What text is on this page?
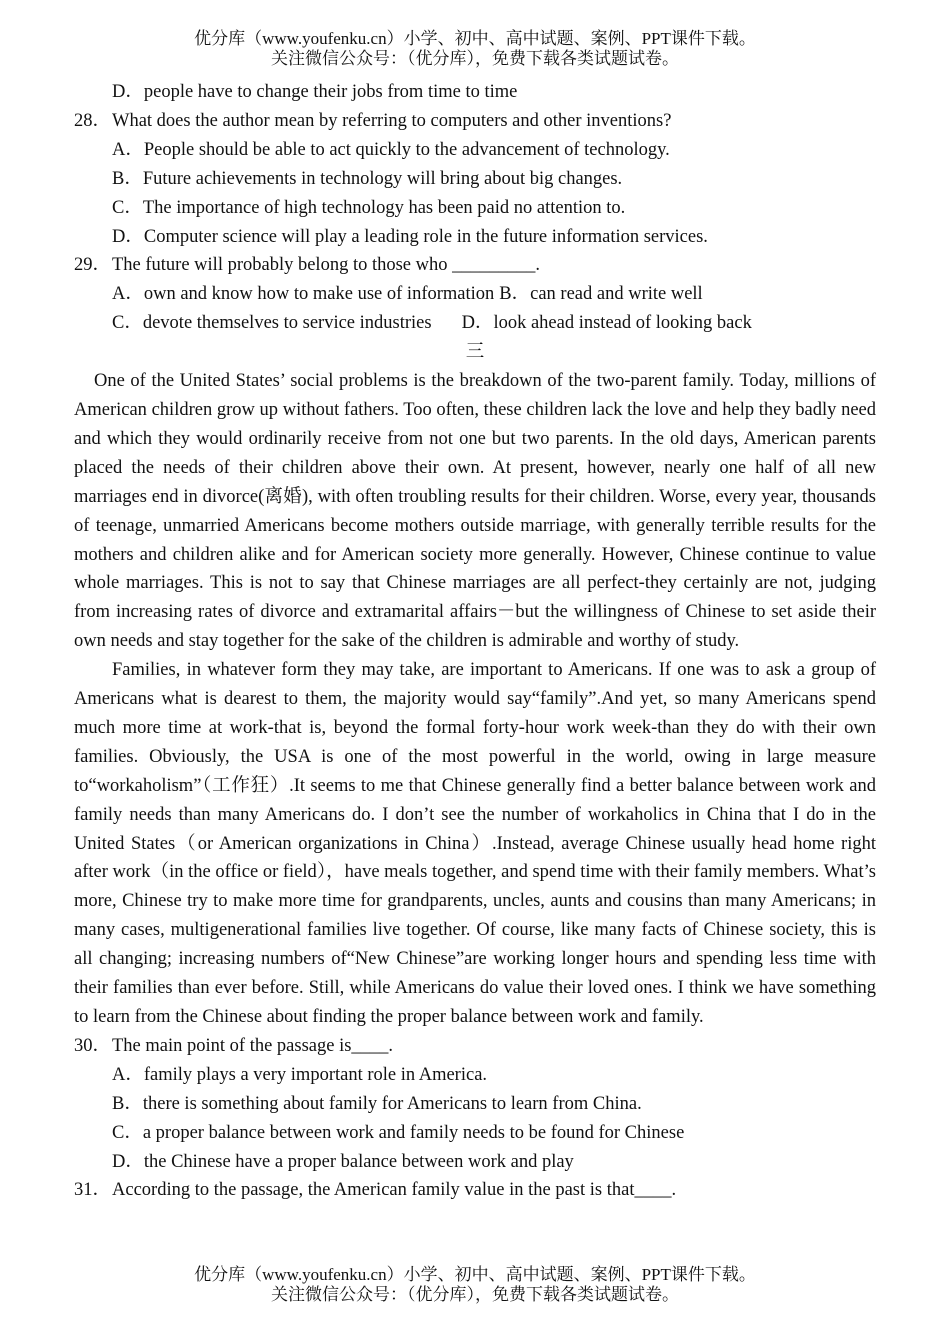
优分库（www.youfenku.cn）小学、初中、高中试题、案例、PPT课件下载。
关注微信公众号：（优分库），免费下载各类试题试卷。
D．people have to change their jobs from time to time
28．What does the author mean by referring to computers and other inventions?
A．People should be able to act quickly to the advancement of technology.
B．Future achievements in technology will bring about big changes.
C．The importance of high technology has been paid no attention to.
D．Computer science will play a leading role in the future information services.
29．The future will probably belong to those who _________.
A．own and know how to make use of information B．can read and write well
C．devote themselves to service industries D．look ahead instead of looking back
三

One of the United States’ social problems is the breakdown of the two-parent family. Today, millions of American children grow up without fathers. Too often, these children lack the love and help they badly need and which they would ordinarily receive from not one but two parents. In the old days, American parents placed the needs of their children above their own. At present, however, nearly one half of all new marriages end in divorce(离婚), with often troubling results for their children. Worse, every year, thousands of teenage, unmarried Americans become mothers outside marriage, with generally terrible results for the mothers and children alike and for American society more generally. However, Chinese continue to value whole marriages. This is not to say that Chinese marriages are all perfect-they certainly are not, judging from increasing rates of divorce and extramarital affairs－but the willingness of Chinese to set aside their own needs and stay together for the sake of the children is admirable and worthy of study.

Families, in whatever form they may take, are important to Americans. If one was to ask a group of Americans what is dearest to them, the majority would say“family”.And yet, so many Americans spend much more time at work-that is, beyond the formal forty-hour work week-than they do with their own families. Obviously, the USA is one of the most powerful in the world, owing in large measure to“workaholism”（工作狂）.It seems to me that Chinese generally find a better balance between work and family needs than many Americans do. I don’t see the number of workaholics in China that I do in the United States（or American organizations in China）.Instead, average Chinese usually head home right after work（in the office or field），have meals together, and spend time with their family members. What’s more, Chinese try to make more time for grandparents, uncles, aunts and cousins than many Americans; in many cases, multigenerational families live together. Of course, like many facts of Chinese society, this is all changing; increasing numbers of“New Chinese”are working longer hours and spending less time with their families than ever before. Still, while Americans do value their loved ones. I think we have something to learn from the Chinese about finding the proper balance between work and family.

30．The main point of the passage is____.
A．family plays a very important role in America.
B．there is something about family for Americans to learn from China.
C．a proper balance between work and family needs to be found for Chinese
D．the Chinese have a proper balance between work and play
31．According to the passage, the American family value in the past is that____.
优分库（www.youfenku.cn）小学、初中、高中试题、案例、PPT课件下载。
关注微信公众号：（优分库），免费下载各类试题试卷。
